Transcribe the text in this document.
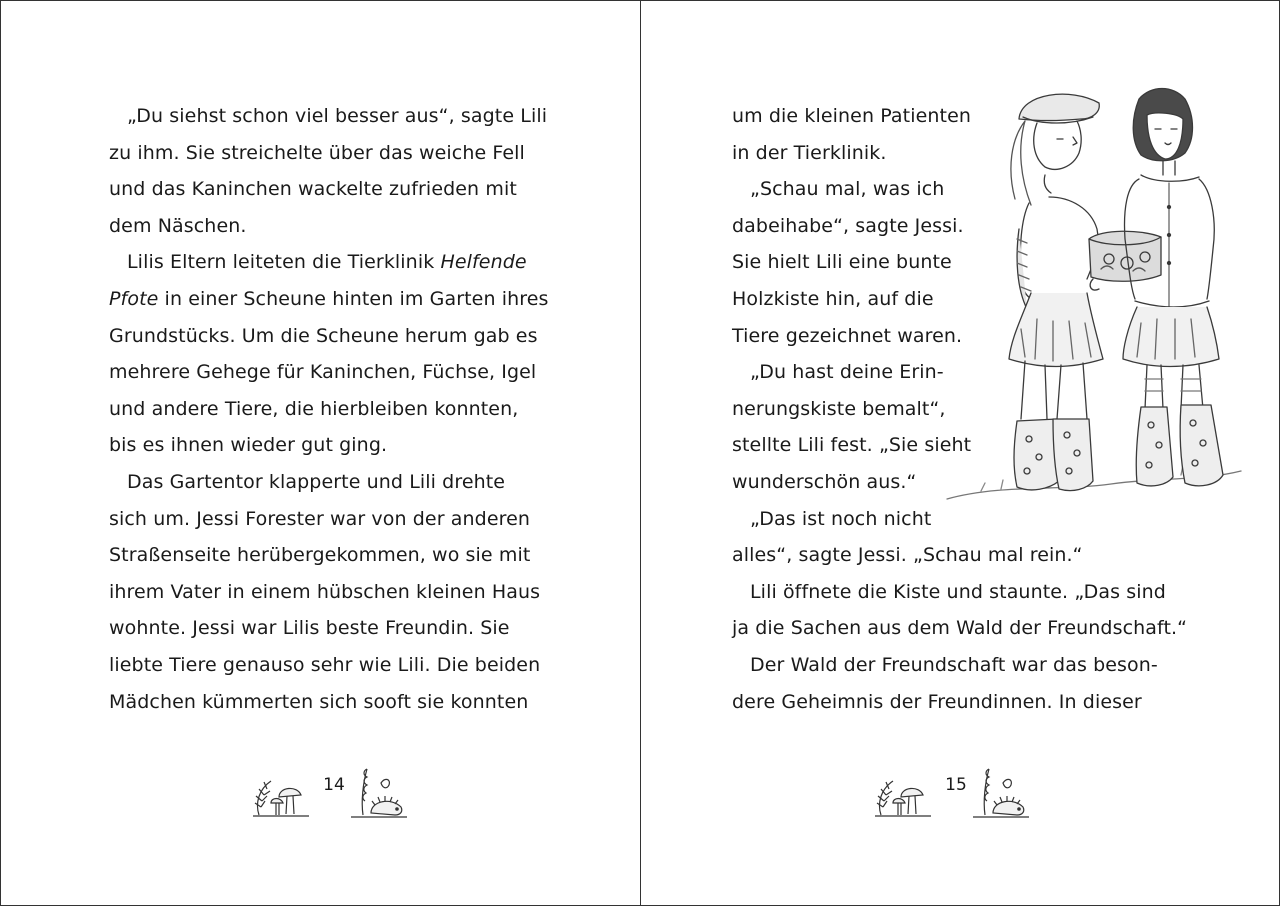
„Du siehst schon viel besser aus“, sagte Lili
zu ihm. Sie streichelte über das weiche Fell
und das Kaninchen wackelte zufrieden mit
dem Näschen.
Lilis Eltern leiteten die Tierklinik Helfende
Pfote in einer Scheune hinten im Garten ihres
Grundstücks. Um die Scheune herum gab es
mehrere Gehege für Kaninchen, Füchse, Igel
und andere Tiere, die hierbleiben konnten,
bis es ihnen wieder gut ging.
Das Gartentor klapperte und Lili drehte
sich um. Jessi Forester war von der anderen
Straßenseite herübergekommen, wo sie mit
ihrem Vater in einem hübschen kleinen Haus
wohnte. Jessi war Lilis beste Freundin. Sie
liebte Tiere genauso sehr wie Lili. Die beiden
Mädchen kümmerten sich sooft sie konnten
14
um die kleinen Patienten
in der Tierklinik.
„Schau mal, was ich
dabeihabe“, sagte Jessi.
Sie hielt Lili eine bunte
Holzkiste hin, auf die
Tiere gezeichnet waren.
„Du hast deine Erin-
nerungskiste bemalt“,
stellte Lili fest. „Sie sieht
wunderschön aus.“
„Das ist noch nicht
alles“, sagte Jessi. „Schau mal rein.“
Lili öffnete die Kiste und staunte. „Das sind
ja die Sachen aus dem Wald der Freundschaft.“
Der Wald der Freundschaft war das beson-
dere Geheimnis der Freundinnen. In dieser
15
